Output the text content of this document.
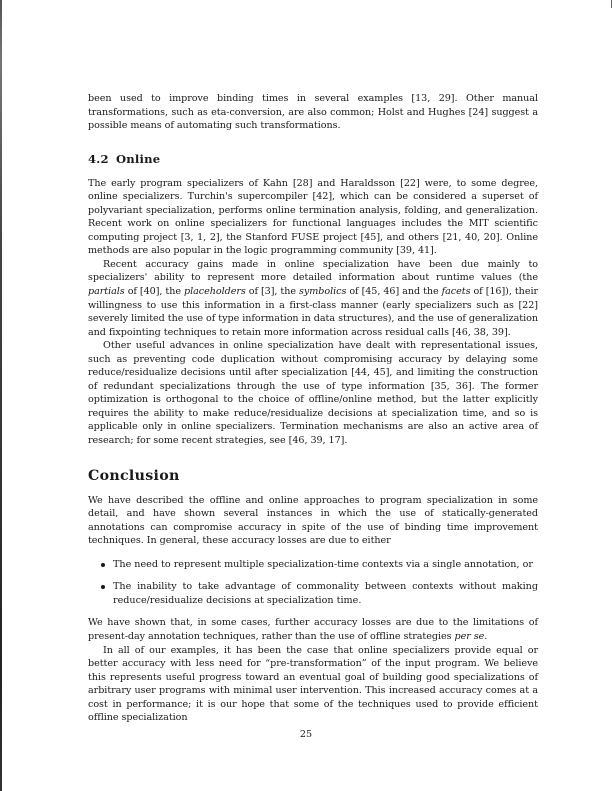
been used to improve binding times in several examples [13, 29]. Other manual transformations, such as eta-conversion, are also common; Holst and Hughes [24] suggest a possible means of automating such transformations.

4.2 Online

The early program specializers of Kahn [28] and Haraldsson [22] were, to some degree, online specializers. Turchin's supercompiler [42], which can be considered a superset of polyvariant specialization, performs online termination analysis, folding, and generalization. Recent work on online specializers for functional languages includes the MIT scientific computing project [3, 1, 2], the Stanford FUSE project [45], and others [21, 40, 20]. Online methods are also popular in the logic programming community [39, 41].

Recent accuracy gains made in online specialization have been due mainly to specializers' ability to represent more detailed information about runtime values (the partials of [40], the placeholders of [3], the symbolics of [45, 46] and the facets of [16]), their willingness to use this information in a first-class manner (early specializers such as [22] severely limited the use of type information in data structures), and the use of generalization and fixpointing techniques to retain more information across residual calls [46, 38, 39].

Other useful advances in online specialization have dealt with representational issues, such as preventing code duplication without compromising accuracy by delaying some reduce/residualize decisions until after specialization [44, 45], and limiting the construction of redundant specializations through the use of type information [35, 36]. The former optimization is orthogonal to the choice of offline/online method, but the latter explicitly requires the ability to make reduce/residualize decisions at specialization time, and so is applicable only in online specializers. Termination mechanisms are also an active area of research; for some recent strategies, see [46, 39, 17].

Conclusion

We have described the offline and online approaches to program specialization in some detail, and have shown several instances in which the use of statically-generated annotations can compromise accuracy in spite of the use of binding time improvement techniques. In general, these accuracy losses are due to either

The need to represent multiple specialization-time contexts via a single annotation, or
The inability to take advantage of commonality between contexts without making reduce/residualize decisions at specialization time.

We have shown that, in some cases, further accuracy losses are due to the limitations of present-day annotation techniques, rather than the use of offline strategies per se.

In all of our examples, it has been the case that online specializers provide equal or better accuracy with less need for “pre-transformation” of the input program. We believe this represents useful progress toward an eventual goal of building good specializations of arbitrary user programs with minimal user intervention. This increased accuracy comes at a cost in performance; it is our hope that some of the techniques used to provide efficient offline specialization

25
